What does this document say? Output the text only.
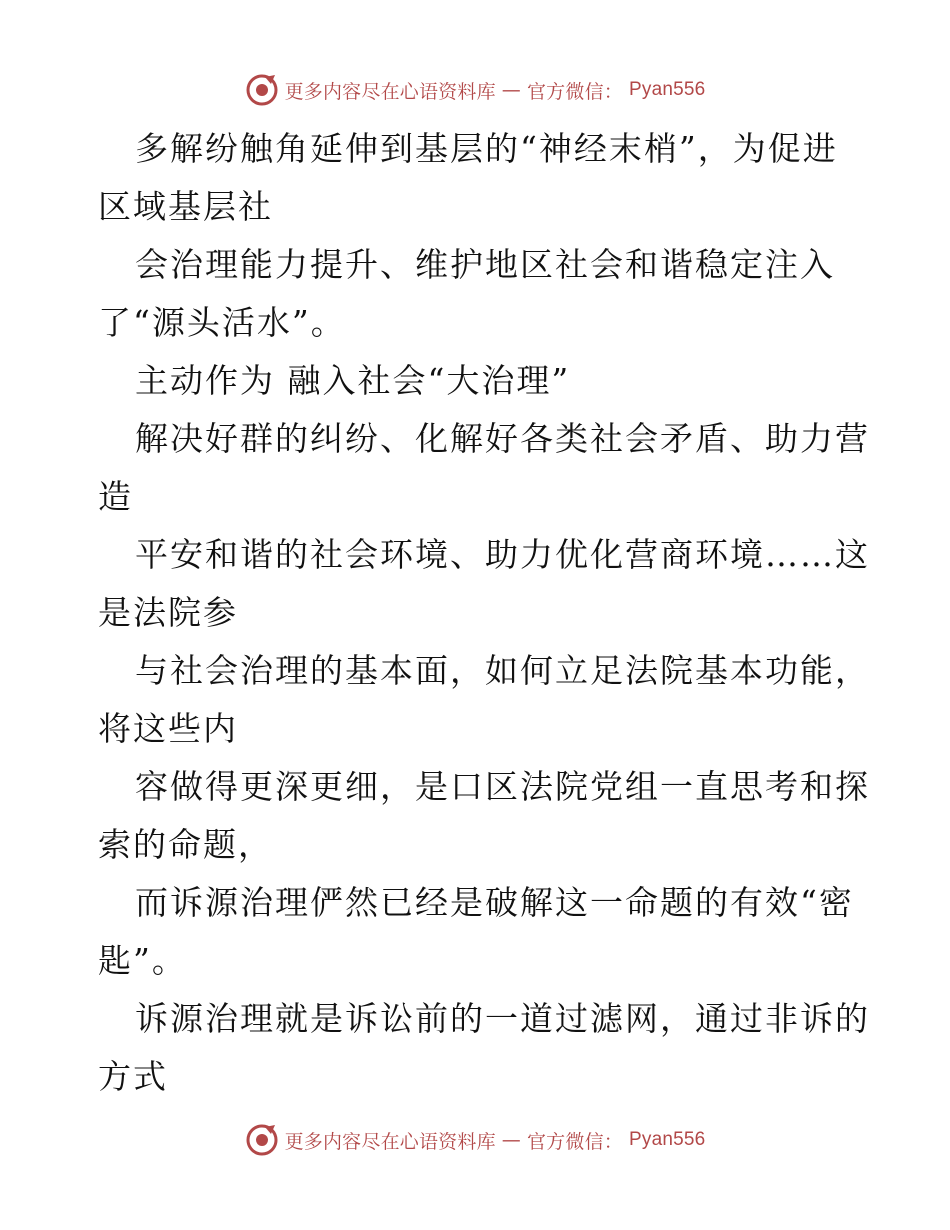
更多内容尽在心语资料库 — 官方微信： Pyan556
多解纷触角延伸到基层的“神经末梢”，为促进
区域基层社
会治理能力提升、维护地区社会和谐稳定注入
了“源头活水”。
主动作为 融入社会“大治理”
解决好群的纠纷、化解好各类社会矛盾、助力营
造
平安和谐的社会环境、助力优化营商环境……这
是法院参
与社会治理的基本面，如何立足法院基本功能，
将这些内
容做得更深更细，是口区法院党组一直思考和探
索的命题，
而诉源治理俨然已经是破解这一命题的有效“密
匙”。
诉源治理就是诉讼前的一道过滤网，通过非诉的
方式
更多内容尽在心语资料库 — 官方微信： Pyan556
